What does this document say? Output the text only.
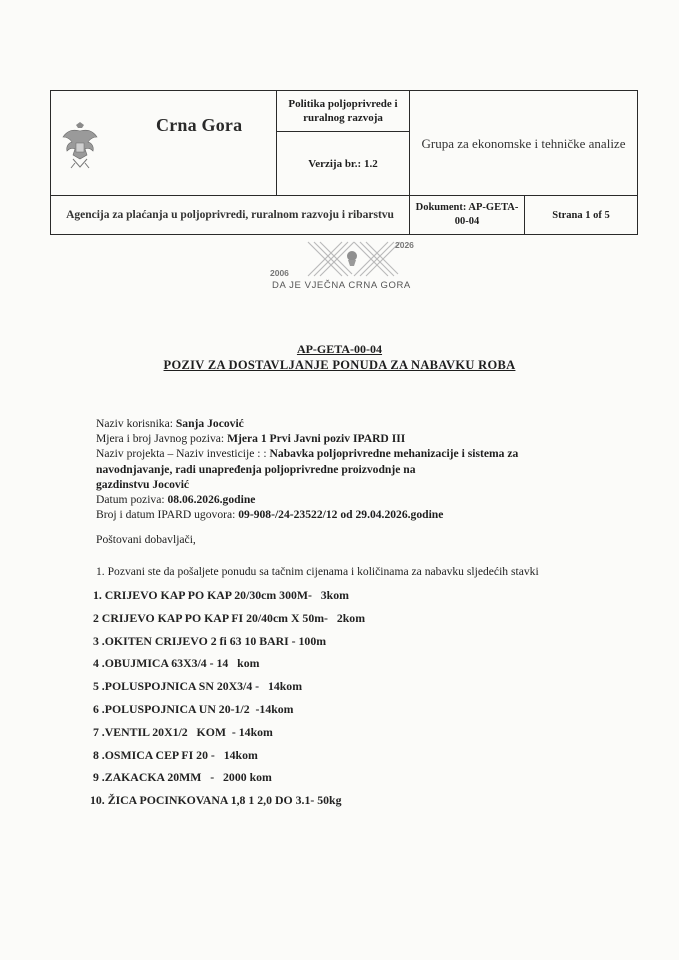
Crna Gora	Politika poljoprivrede i ruralnog razvoja	Grupa za ekonomske i tehničke analize	
	Verzija br.: 1.2		
Agencija za plaćanja u poljoprivredi, ruralnom razvoju i ribarstvu		Dokument: AP-GETA-00-04	Strana 1 of 5
2026
2006
DA JE VJEČNA CRNA GORA
AP-GETA-00-04
POZIV ZA DOSTAVLJANJE PONUDA ZA NABAVKU ROBA
Naziv korisnika: Sanja Jocović
Mjera i broj Javnog poziva: Mjera 1 Prvi Javni poziv IPARD III
Naziv projekta – Naziv investicije : : Nabavka poljoprivredne mehanizacije i sistema za
navodnjavanje, radi unapređenja poljoprivredne proizvodnje na
gazdinstvu Jocović
Datum poziva: 08.06.2026.godine
Broj i datum IPARD ugovora: 09-908-/24-23522/12 od 29.04.2026.godine
Poštovani dobavljači,
1. Pozvani ste da pošaljete ponudu sa tačnim cijenama i količinama za nabavku sljedećih stavki
1. CRIJEVO KAP PO KAP 20/30cm 300M-   3kom
2 CRIJEVO KAP PO KAP FI 20/40cm X 50m-   2kom
3 .OKITEN CRIJEVO 2 fi 63 10 BARI - 100m
4 .OBUJMICA 63X3/4 - 14   kom
5 .POLUSPOJNICA SN 20X3/4 -   14kom
6 .POLUSPOJNICA UN 20-1/2  -14kom
7 .VENTIL 20X1/2   KOM  - 14kom
8 .OSMICA CEP FI 20 -   14kom
9 .ZAKACKA 20MM   -   2000 kom
10. ŽICA POCINKOVANA 1,8 1 2,0 DO 3.1- 50kg
